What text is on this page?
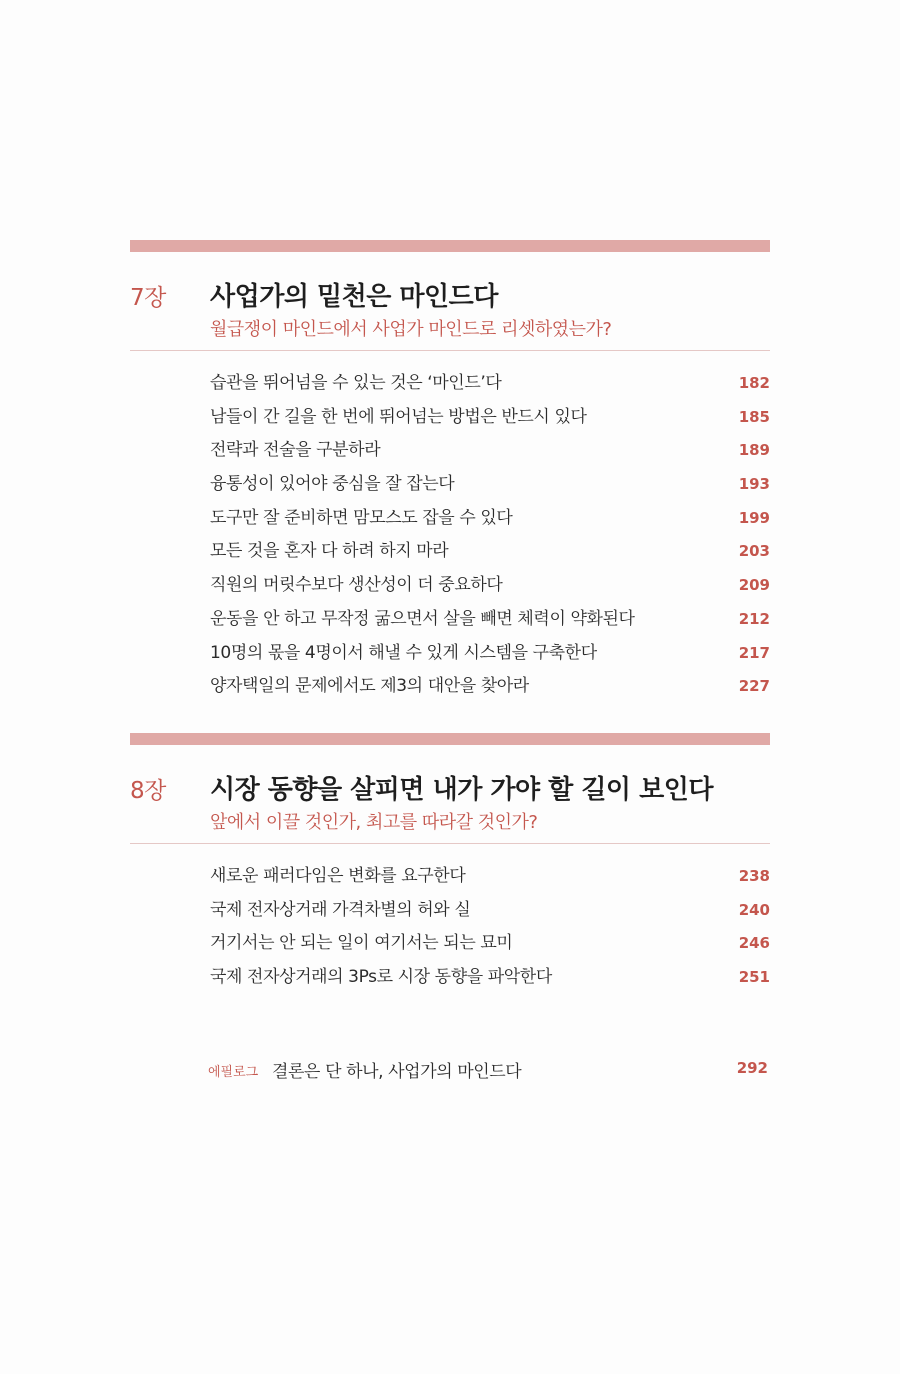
7장 사업가의 밑천은 마인드다
월급쟁이 마인드에서 사업가 마인드로 리셋하였는가?
습관을 뛰어넘을 수 있는 것은 ‘마인드’다	182
남들이 간 길을 한 번에 뛰어넘는 방법은 반드시 있다	185
전략과 전술을 구분하라	189
융통성이 있어야 중심을 잘 잡는다	193
도구만 잘 준비하면 맘모스도 잡을 수 있다	199
모든 것을 혼자 다 하려 하지 마라	203
직원의 머릿수보다 생산성이 더 중요하다	209
운동을 안 하고 무작정 굶으면서 살을 빼면 체력이 약화된다	212
10명의 몫을 4명이서 해낼 수 있게 시스템을 구축한다	217
양자택일의 문제에서도 제3의 대안을 찾아라	227
8장 시장 동향을 살피면 내가 가야 할 길이 보인다
앞에서 이끌 것인가, 최고를 따라갈 것인가?
새로운 패러다임은 변화를 요구한다	238
국제 전자상거래 가격차별의 허와 실	240
거기서는 안 되는 일이 여기서는 되는 묘미	246
국제 전자상거래의 3Ps로 시장 동향을 파악한다	251
에필로그 결론은 단 하나, 사업가의 마인드다	292
